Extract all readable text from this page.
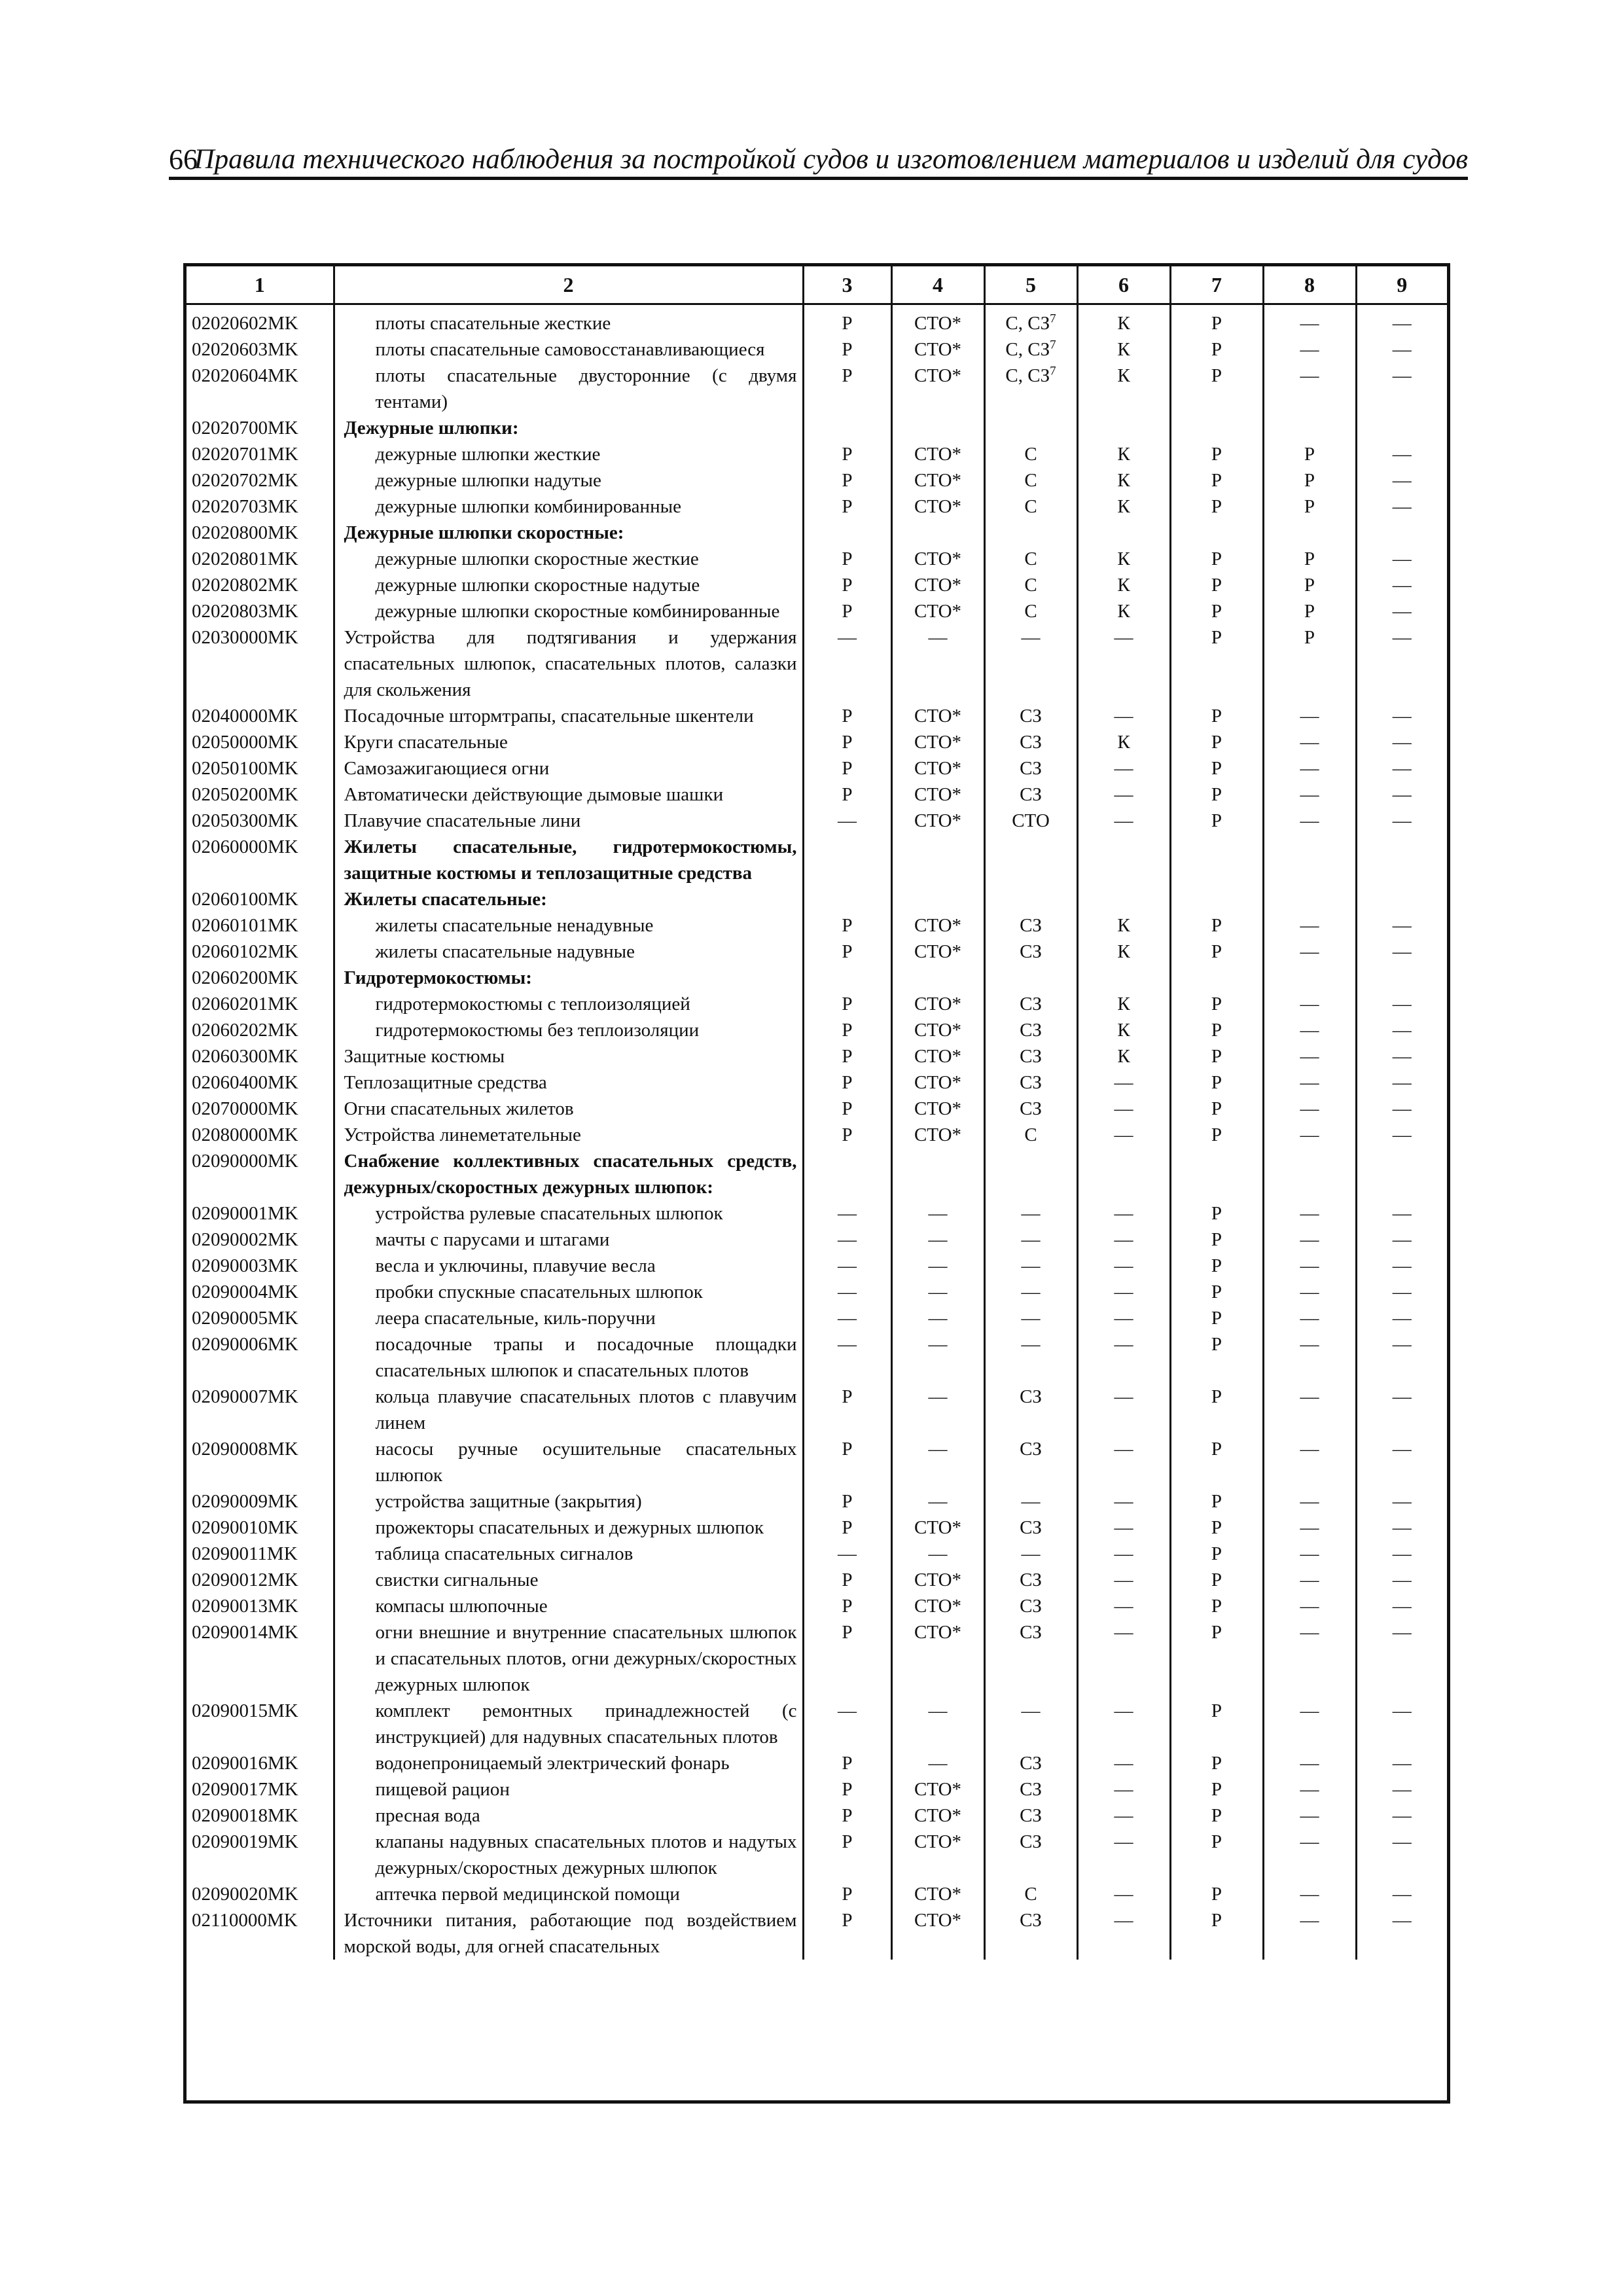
66
Правила технического наблюдения за постройкой судов и изготовлением материалов и изделий для судов
1	2	3	4	5	6	7	8	9
02020602MK	плоты спасательные жесткие	P	СТО*	С, $СЗ^7$	К	P	—	—
02020603MK	плоты спасательные самовосстанавливающиеся	P	СТО*	С, $СЗ^7$	К	P	—	—
02020604MK	плоты спасательные двусторонние (с двумя тентами)	P	СТО*	С, $СЗ^7$	К	P	—	—
02020700MK	Дежурные шлюпки:							
02020701MK	дежурные шлюпки жесткие	P	СТО*	С	К	P	P	—
02020702MK	дежурные шлюпки надутые	P	СТО*	С	К	P	P	—
02020703MK	дежурные шлюпки комбинированные	P	СТО*	С	К	P	P	—
02020800MK	Дежурные шлюпки скоростные:							
02020801MK	дежурные шлюпки скоростные жесткие	P	СТО*	С	К	P	P	—
02020802MK	дежурные шлюпки скоростные надутые	P	СТО*	С	К	P	P	—
02020803MK	дежурные шлюпки скоростные комбинированные	P	СТО*	С	К	P	P	—
02030000MK	Устройства для подтягивания и удержания спасательных шлюпок, спасательных плотов, салазки для скольжения	—	—	—	—	P	P	—
02040000MK	Посадочные штормтрапы, спасательные шкентели	P	СТО*	СЗ	—	P	—	—
02050000MK	Круги спасательные	P	СТО*	СЗ	К	P	—	—
02050100MK	Самозажигающиеся огни	P	СТО*	СЗ	—	P	—	—
02050200MK	Автоматически действующие дымовые шашки	P	СТО*	СЗ	—	P	—	—
02050300MK	Плавучие спасательные лини	—	СТО*	СТО	—	P	—	—
02060000MK	Жилеты спасательные, гидротермокостюмы, защитные костюмы и теплозащитные средства							
02060100MK	Жилеты спасательные:							
02060101MK	жилеты спасательные ненадувные	P	СТО*	СЗ	К	P	—	—
02060102MK	жилеты спасательные надувные	P	СТО*	СЗ	К	P	—	—
02060200MK	Гидротермокостюмы:							
02060201MK	гидротермокостюмы с теплоизоляцией	P	СТО*	СЗ	К	P	—	—
02060202MK	гидротермокостюмы без теплоизоляции	P	СТО*	СЗ	К	P	—	—
02060300MK	Защитные костюмы	P	СТО*	СЗ	К	P	—	—
02060400MK	Теплозащитные средства	P	СТО*	СЗ	—	P	—	—
02070000MK	Огни спасательных жилетов	P	СТО*	СЗ	—	P	—	—
02080000MK	Устройства линеметательные	P	СТО*	С	—	P	—	—
02090000MK	Снабжение коллективных спасательных средств, дежурных/скоростных дежурных шлюпок:							
02090001MK	устройства рулевые спасательных шлюпок	—	—	—	—	P	—	—
02090002MK	мачты с парусами и штагами	—	—	—	—	P	—	—
02090003MK	весла и уключины, плавучие весла	—	—	—	—	P	—	—
02090004MK	пробки спускные спасательных шлюпок	—	—	—	—	P	—	—
02090005MK	леера спасательные, киль-поручни	—	—	—	—	P	—	—
02090006MK	посадочные трапы и посадочные площадки спасательных шлюпок и спасательных плотов	—	—	—	—	P	—	—
02090007MK	кольца плавучие спасательных плотов с плавучим линем	P	—	СЗ	—	P	—	—
02090008MK	насосы ручные осушительные спасательных шлюпок	P	—	СЗ	—	P	—	—
02090009MK	устройства защитные (закрытия)	P	—	—	—	P	—	—
02090010MK	прожекторы спасательных и дежурных шлюпок	P	СТО*	СЗ	—	P	—	—
02090011MK	таблица спасательных сигналов	—	—	—	—	P	—	—
02090012MK	свистки сигнальные	P	СТО*	СЗ	—	P	—	—
02090013MK	компасы шлюпочные	P	СТО*	СЗ	—	P	—	—
02090014MK	огни внешние и внутренние спасательных шлюпок и спасательных плотов, огни дежурных/скоростных дежурных шлюпок	P	СТО*	СЗ	—	P	—	—
02090015MK	комплект ремонтных принадлежностей (с инструкцией) для надувных спасательных плотов	—	—	—	—	P	—	—
02090016MK	водонепроницаемый электрический фонарь	P	—	СЗ	—	P	—	—
02090017MK	пищевой рацион	P	СТО*	СЗ	—	P	—	—
02090018MK	пресная вода	P	СТО*	СЗ	—	P	—	—
02090019MK	клапаны надувных спасательных плотов и надутых дежурных/скоростных дежурных шлюпок	P	СТО*	СЗ	—	P	—	—
02090020MK	аптечка первой медицинской помощи	P	СТО*	С	—	P	—	—
02110000MK	Источники питания, работающие под воздействием морской воды, для огней спасательных	P	СТО*	СЗ	—	P	—	—
